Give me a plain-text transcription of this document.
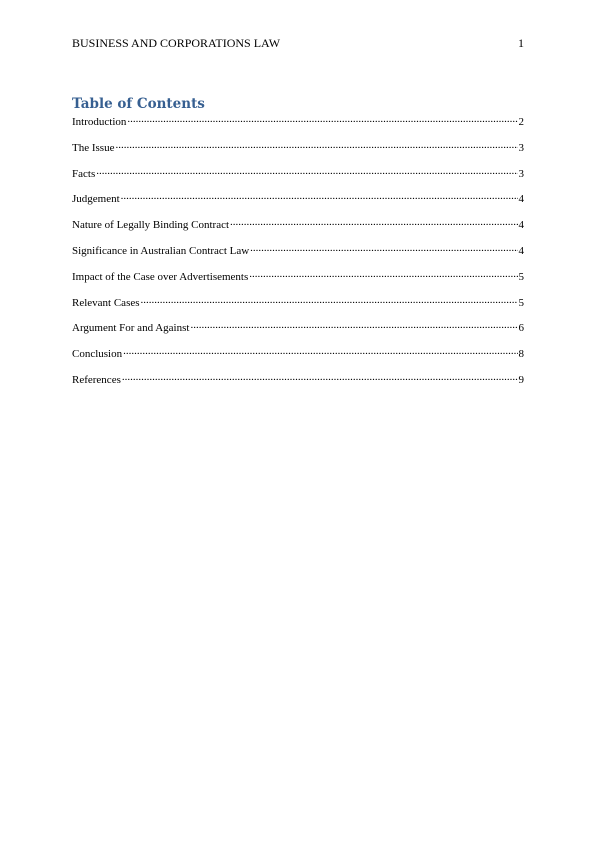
BUSINESS AND CORPORATIONS LAW	1
Table of Contents
Introduction .....	2
The Issue .....	3
Facts .....	3
Judgement .....	4
Nature of Legally Binding Contract .....	4
Significance in Australian Contract Law .....	4
Impact of the Case over Advertisements .....	5
Relevant Cases .....	5
Argument For and Against .....	6
Conclusion .....	8
References .....	9
